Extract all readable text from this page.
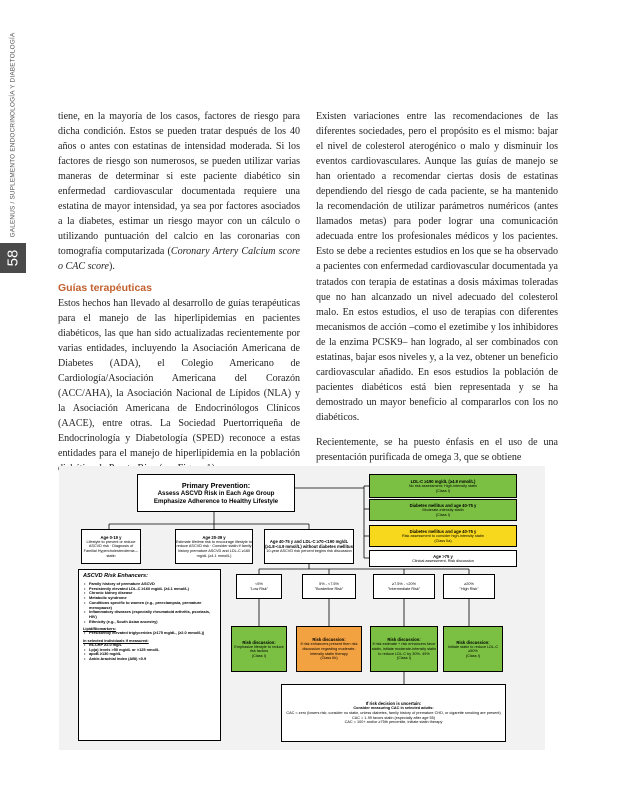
GALENUS / SUPLEMENTO ENDOCRINOLOGÍA Y DIABETOLOGÍA
58

tiene, en la mayoría de los casos, factores de riesgo para dicha condición. Estos se pueden tratar después de los 40 años o antes con estatinas de intensidad moderada. Si los factores de riesgo son numerosos, se pueden utilizar varias maneras de determinar si este paciente diabético sin enfermedad cardiovascular documentada requiere una estatina de mayor intensidad, ya sea por factores asociados a la diabetes, estimar un riesgo mayor con un cálculo o utilizando puntuación del calcio en las coronarias con tomografía computarizada (Coronary Artery Calcium score o CAC score).

Guías terapéuticas

Estos hechos han llevado al desarrollo de guías terapéuticas para el manejo de las hiperlipidemias en pacientes diabéticos, las que han sido actualizadas recientemente por varias entidades, incluyendo la Asociación Americana de Diabetes (ADA), el Colegio Americano de Cardiología/Asociación Americana del Corazón (ACC/AHA), la Asociación Nacional de Lípidos (NLA) y la Asociación Americana de Endocrinólogos Clínicos (AACE), entre otras. La Sociedad Puertorriqueña de Endocrinología y Diabetología (SPED) reconoce a estas entidades para el manejo de hiperlipidemia en la población

Existen variaciones entre las recomendaciones de las diferentes sociedades, pero el propósito es el mismo: bajar el nivel de colesterol aterogénico o malo y disminuir los eventos cardiovasculares. Aunque las guías de manejo se han orientado a recomendar ciertas dosis de estatinas dependiendo del riesgo de cada paciente, se ha mantenido la recomendación de utilizar parámetros numéricos (antes llamados metas) para poder lograr una comunicación adecuada entre los profesionales médicos y los pacientes. Esto se debe a recientes estudios en los que se ha observado a pacientes con enfermedad cardiovascular documentada ya tratados con terapia de estatinas a dosis máximas toleradas que no han alcanzado un nivel adecuado del colesterol malo. En estos estudios, el uso de terapias con diferentes mecanismos de acción –como el ezetimibe y los inhibidores de la enzima PCSK9– han logrado, al ser combinados con estatinas, bajar esos niveles y, a la vez, obtener un beneficio cardiovascular añadido. En esos estudios la población de pacientes diabéticos está bien representada y se ha demostrado un mayor beneficio al compararlos con los no diabéticos.

Recientemente, se ha puesto énfasis en el uso de una presentación purificada de omega 3, que se obtiene

Primary Prevention:
Assess ASCVD Risk in Each Age Group
Emphasize Adherence to Healthy Lifestyle
Age 0-19 y
Lifestyle to prevent or reduce ASCVD risk · Diagnosis of Familial Hypercholesterolemia→ statin
Age 20-39 y
Estimate lifetime risk to encourage lifestyle to reduce ASCVD risk · Consider statin if family history premature ASCVD and LDL-C ≥160 mg/dL (≥4.1 mmol/L)
Age 40-75 y and LDL-C ≥70-<190 mg/dL (≥1.8-<4.9 mmol/L) without diabetes mellitus
10-year ASCVD risk percent begins risk discussion
LDL-C ≥190 mg/dL (≥4.9 mmol/L)
No risk assessment; High-intensity statin
(Class I)
Diabetes mellitus and age 40-75 y
Moderate-intensity statin
(Class I)
Diabetes mellitus and age 40-75 y
Risk assessment to consider high-intensity statin
(Class IIa)
Age >75 y
Clinical assessment, Risk discussion
<5%
"Low Risk"
5% - <7.5%
"Borderline Risk"
≥7.5% - <20%
"Intermediate Risk"
≥20%
"High Risk"
Risk discussion:
Emphasize lifestyle to reduce risk factors
(Class I)
Risk discussion:
If risk enhancers present then risk discussion regarding moderate-intensity statin therapy
(Class IIb)
Risk discussion:
If risk estimate + risk enhancers favor statin, initiate moderate-intensity statin to reduce LDL-C by 30%- 49%
(Class I)
Risk discussion:
Initiate statin to reduce LDL-C ≥50%
(Class I)
If risk decision is uncertain:
Consider measuring CAC in selected adults:
CAC = zero (lowers risk; consider no statin, unless diabetes, family history of premature CHD, or cigarette smoking are present)
CAC = 1-99 favors statin (especially after age 55)
CAC = 100+ and/or ≥75th percentile, initiate statin therapy
ASCVD Risk Enhancers:
• Family history of premature ASCVD
• Persistently elevated LDL-C ≥160 mg/dL (≥4.1 mmol/L)
• Chronic kidney disease
• Metabolic syndrome
• Conditions specific to women (e.g., preeclampsia, premature menopause)
• Inflammatory diseases (especially rheumatoid arthritis, psoriasis, HIV)
• Ethnicity (e.g., South Asian ancestry)
Lipid/Biomarkers:
• Persistently elevated triglycerides (≥175 mg/dL, (≥2.0 mmol/L))
In selected individuals if measured:
• hs-CRP ≥2.0 mg/L
• Lp(a) levels >50 mg/dL or >125 nmol/L
• apoB ≥130 mg/dL
• Ankle-brachial index (ABI) <0.9
